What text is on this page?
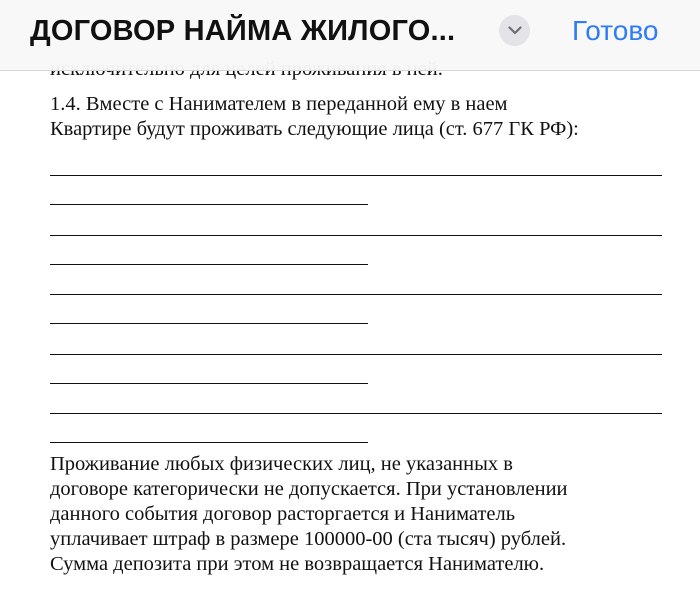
1.4. Вместе с Нанимателем в переданной ему в наем
Квартире будут проживать следующие лица (ст. 677 ГК РФ):
Проживание любых физических лиц, не указанных в
договоре категорически не допускается. При установлении
данного события договор расторгается и Наниматель
уплачивает штраф в размере 100000-00 (ста тысяч) рублей.
Сумма депозита при этом не возвращается Нанимателю.
ДОГОВОР НАЙМА ЖИЛОГО...	Готово
